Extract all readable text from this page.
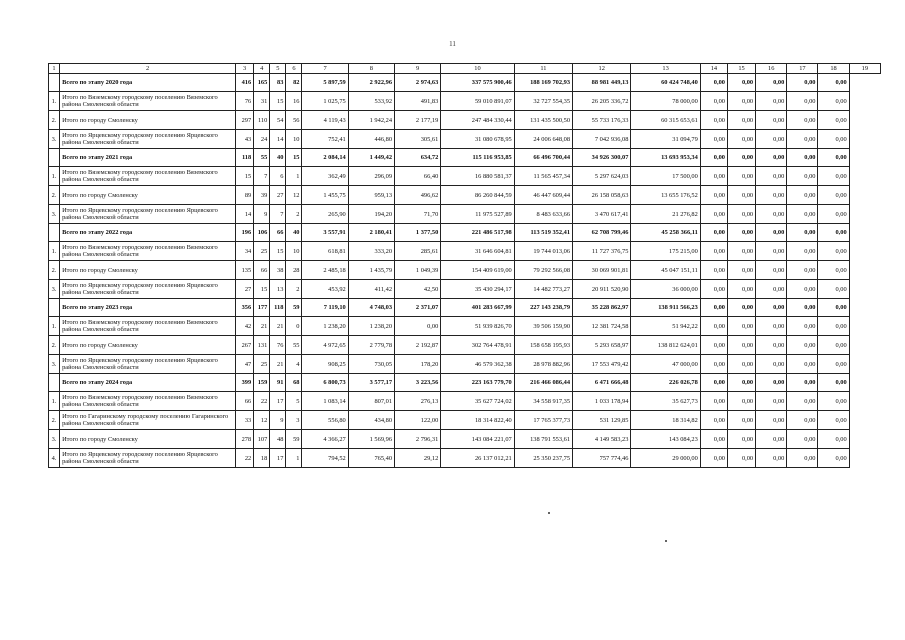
11
1	2	3	4	5	6	7	8	9	10	11	12	13	14	15	16	17	18	19
	Всего по этапу 2020 года	416	165	83	82	5 897,59	2 922,96	2 974,63	337 575 900,46	188 169 702,93	88 981 449,13	60 424 748,40	0,00	0,00	0,00	0,00	0,00	
1.	Итого по Вяземскому городскому поселению Вяземского района Смоленской области	76	31	15	16	1 025,75	533,92	491,83	59 010 891,07	32 727 554,35	26 205 336,72	78 000,00	0,00	0,00	0,00	0,00	0,00	
2.	Итого по городу Смоленску	297	110	54	56	4 119,43	1 942,24	2 177,19	247 484 330,44	131 435 500,50	55 733 176,33	60 315 653,61	0,00	0,00	0,00	0,00	0,00	
3.	Итого по Ярцевскому городскому поселению Ярцевского района Смоленской области	43	24	14	10	752,41	446,80	305,61	31 080 678,95	24 006 648,08	7 042 936,08	31 094,79	0,00	0,00	0,00	0,00	0,00	
	Всего по этапу 2021 года	118	55	40	15	2 084,14	1 449,42	634,72	115 116 953,85	66 496 700,44	34 926 300,07	13 693 953,34	0,00	0,00	0,00	0,00	0,00	
1.	Итого по Вяземскому городскому поселению Вяземского района Смоленской области	15	7	6	1	362,49	296,09	66,40	16 880 581,37	11 565 457,34	5 297 624,03	17 500,00	0,00	0,00	0,00	0,00	0,00	
2.	Итого по городу Смоленску	89	39	27	12	1 455,75	959,13	496,62	86 260 844,59	46 447 609,44	26 158 058,63	13 655 176,52	0,00	0,00	0,00	0,00	0,00	
3.	Итого по Ярцевскому городскому поселению Ярцевского района Смоленской области	14	9	7	2	265,90	194,20	71,70	11 975 527,89	8 483 633,66	3 470 617,41	21 276,82	0,00	0,00	0,00	0,00	0,00	
	Всего по этапу 2022 года	196	106	66	40	3 557,91	2 180,41	1 377,50	221 486 517,98	113 519 352,41	62 708 799,46	45 258 366,11	0,00	0,00	0,00	0,00	0,00	
1.	Итого по Вяземскому городскому поселению Вяземского района Смоленской области	34	25	15	10	618,81	333,20	285,61	31 646 604,81	19 744 013,06	11 727 376,75	175 215,00	0,00	0,00	0,00	0,00	0,00	
2.	Итого по городу Смоленску	135	66	38	28	2 485,18	1 435,79	1 049,39	154 409 619,00	79 292 566,08	30 069 901,81	45 047 151,11	0,00	0,00	0,00	0,00	0,00	
3.	Итого по Ярцевскому городскому поселению Ярцевского района Смоленской области	27	15	13	2	453,92	411,42	42,50	35 430 294,17	14 482 773,27	20 911 520,90	36 000,00	0,00	0,00	0,00	0,00	0,00	
	Всего по этапу 2023 года	356	177	118	59	7 119,10	4 748,03	2 371,07	401 283 667,99	227 143 238,79	35 228 862,97	138 911 566,23	0,00	0,00	0,00	0,00	0,00	
1.	Итого по Вяземскому городскому поселению Вяземского района Смоленской области	42	21	21	0	1 238,20	1 238,20	0,00	51 939 826,70	39 506 159,90	12 381 724,58	51 942,22	0,00	0,00	0,00	0,00	0,00	
2.	Итого по городу Смоленску	267	131	76	55	4 972,65	2 779,78	2 192,87	302 764 478,91	158 658 195,93	5 293 658,97	138 812 624,01	0,00	0,00	0,00	0,00	0,00	
3.	Итого по Ярцевскому городскому поселению Ярцевского района Смоленской области	47	25	21	4	908,25	730,05	178,20	46 579 362,38	28 978 882,96	17 553 479,42	47 000,00	0,00	0,00	0,00	0,00	0,00	
	Всего по этапу 2024 года	399	159	91	68	6 800,73	3 577,17	3 223,56	223 163 779,70	216 466 086,44	6 471 666,48	226 026,78	0,00	0,00	0,00	0,00	0,00	
1.	Итого по Вяземскому городскому поселению Вяземского района Смоленской области	66	22	17	5	1 083,14	807,01	276,13	35 627 724,02	34 558 917,35	1 033 178,94	35 627,73	0,00	0,00	0,00	0,00	0,00	
2.	Итого по Гагаринскому городскому поселению Гагаринского района Смоленской области	33	12	9	3	556,80	434,80	122,00	18 314 822,40	17 765 377,73	531 129,85	18 314,82	0,00	0,00	0,00	0,00	0,00	
3.	Итого по городу Смоленску	278	107	48	59	4 366,27	1 569,96	2 796,31	143 084 221,07	138 791 553,61	4 149 583,23	143 084,23	0,00	0,00	0,00	0,00	0,00	
4.	Итого по Ярцевскому городскому поселению Ярцевского района Смоленской области	22	18	17	1	794,52	765,40	29,12	26 137 012,21	25 350 237,75	757 774,46	29 000,00	0,00	0,00	0,00	0,00	0,00	
